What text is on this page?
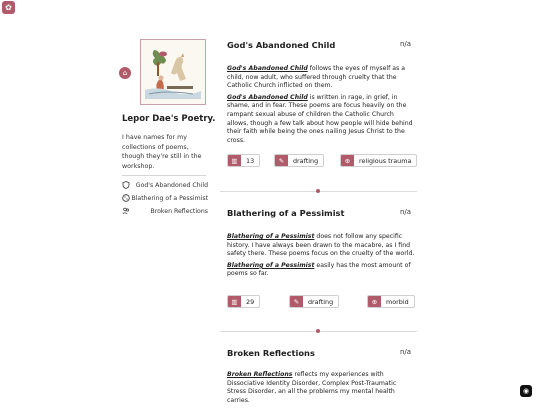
✿
◉
⌂
Lepor Dae's Poetry.
I have names for my collections of poems, though they're still in the workshop.
God's Abandoned Child
Blathering of a Pessimist
Broken Reflections
God's Abandoned Child	n/a

God's Abandoned Child follows the eyes of myself as a child, now adult, who suffered through cruelty that the Catholic Church inflicted on them.

God's Abandoned Child is written in rage, in grief, in shame, and in fear. These poems are focus heavily on the rampant sexual abuse of children the Catholic Church allows, though a few talk about how people will hide behind their faith while being the ones nailing Jesus Christ to the cross.

▥	13	✎	drafting	⊕	religious trauma
Blathering of a Pessimist	n/a

Blathering of a Pessimist does not follow any specific history. I have always been drawn to the macabre, as I find safety there. These poems focus on the cruelty of the world.

Blathering of a Pessimist easily has the most amount of poems so far.

▥	29	✎	drafting	⊕	morbid
Broken Reflections	n/a

Broken Reflections reflects my experiences with Dissociative Identity Disorder, Complex Post-Traumatic Stress Disorder, an all the problems my mental health carries.
